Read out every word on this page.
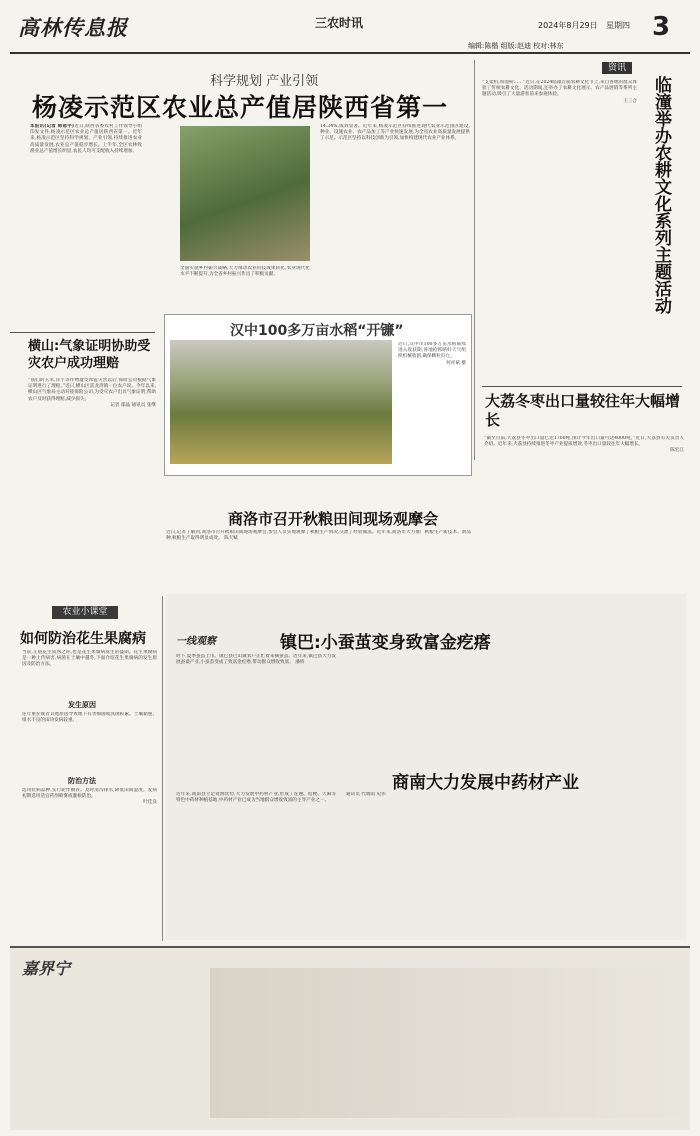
高林传息报	三农时讯	2024年8月29日 星期四 3
编辑:陈楷 组版:赵迪 校对:林东
科学规划 产业引领
杨凌示范区农业总产值居陕西省第一
本报讯(记者 韩恩宇)近日,陕西省委农村工作领导小组印发文件,杨凌示范区农业总产值居陕西省第一。近年来,杨凌示范区坚持科学规划、产业引领,持续推进农业高质量发展,农业总产值稳步增长。上半年,全区农林牧渔业总产值增长明显,农民人均可支配收入持续增加。
14.34%,成效显著。近年来,杨凌示范区持续推进现代农业示范园区建设,种业、设施农业、农产品加工等产业快速发展,为全省农业高质量发展提供了示范。示范区坚持以科技创新为引领,加快构建现代农业产业体系。
全面实施乡村振兴战略,大力推动农业科技成果转化,农业现代化水平不断提升,为全省乡村振兴作出了积极贡献。
资讯
“支架机,和面粉……”近日,在2024临潼首届农耕文化节上,来自各地的群众体验了传统农耕文化。活动期间,还举办了农耕文化展示、农产品展销等系列主题活动,吸引了大量游客前来参观体验。

王三合 临潼举办农耕文化系列主题活动
大荔冬枣出口量较往年大幅增长
“截至目前,大荔县冬枣出口量已达1700吨,预计今年出口量可达4000吨。”近日,大荔县有关负责人介绍。近年来,大荔县持续推进冬枣产业提质增效,冬枣出口量较往年大幅增长。

陈宏江
横山:气象证明协助受灾农户成功理赔
“我们的玉米,洋芋等作物遭受冰雹灾害以后,保险公司根据气象证明进行了理赔。”近日,横山区雷龙湾镇一位农户说。今年以来,横山区气象局主动对接保险公司,为受灾农户出具气象证明,帮助农户及时获得理赔,减少损失。

记者 邵晶 通讯员 张继
汉中100多万亩水稻“开镰”
近日,汉中市100多万亩水稻陆续进入收获期,各地抢抓晴好天气组织机械收割,确保颗粒归仓。

何祥斌 摄
商洛市召开秋粮田间现场观摩会
近日,记者了解到,商洛市召开秋粮田间现场观摩会,参会人员实地观摩了秋粮生产情况,交流了经验做法。近年来,商洛市大力推广秋粮生产新技术、新品种,秋粮生产取得明显成效。 陈天赋
农业小课堂
如何防治花生果腐病
当前,正值花生成熟之际,也是花生果腐病发生的盛期。花生果腐病是一种土传病害,病菌在土壤中越冬,下面介绍花生果腐病的发生原因及防治方法。
发生原因
连年重茬或者其他原因导致地下有害细菌或真菌积累。土壤黏重、排水不良的田块发病较重。
防治方法
选用抗病品种,实行轮作倒茬。及时清沟排水,降低田间湿度。发病初期选用适宜药剂喷雾或灌根防治。

叶佳良
一线观察	镇巴:小蚕茧变身致富金疙瘩
时下,夏季蚕茧上市。镇巴县巴山镇农户正忙着采摘蚕茧。近年来,镇巴县大力发展蚕桑产业,小蚕茧变成了致富金疙瘩,带动群众增收致富。 潘娇
商南大力发展中药材产业
近年来,商南县立足资源优势,大力发展中药材产业,形成了连翘、桔梗、天麻等特色中药材种植基地,中药材产业已成为当地群众增收致富的主导产业之一。
通讯员 代婧雨 史伟
嘉界宁
